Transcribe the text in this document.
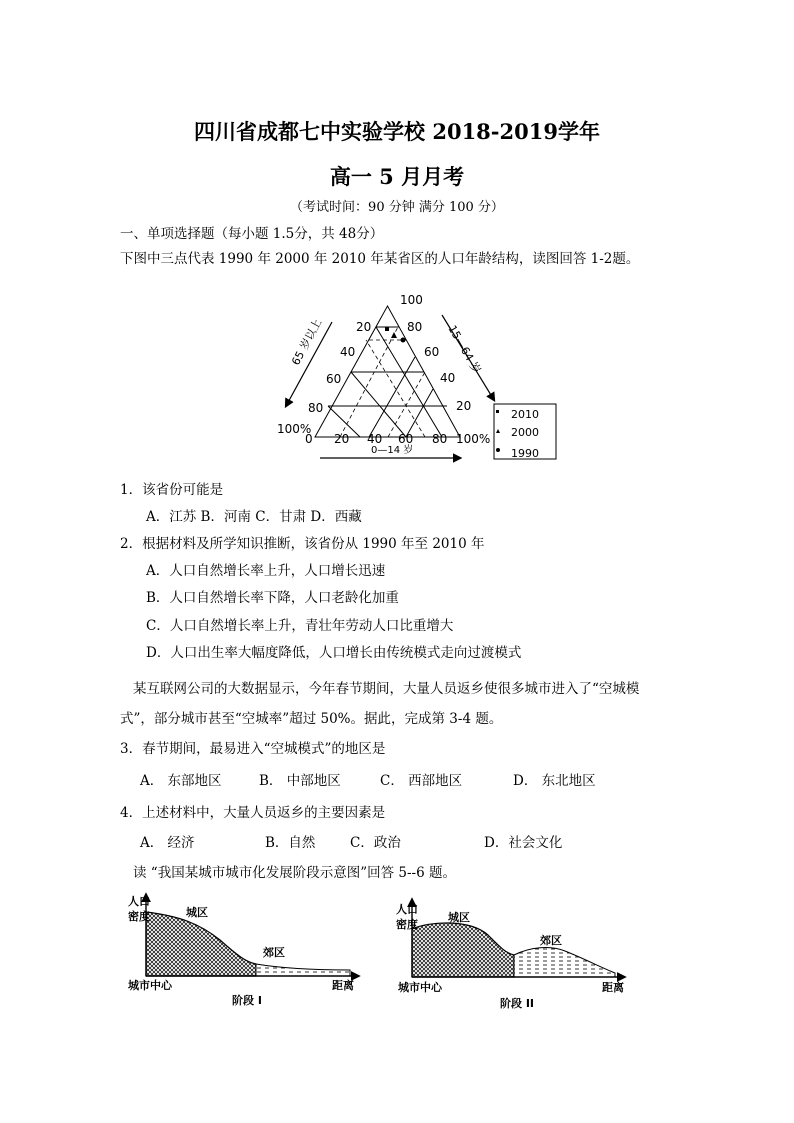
四川省成都七中实验学校 2018-2019学年
高一 5 月月考
（考试时间：90 分钟 满分 100 分）
一、单项选择题（每小题 1.5分，共 48分）
下图中三点代表 1990 年 2000 年 2010 年某省区的人口年龄结构，读图回答 1-2题。
100
20
40
60
80
100%
80
60
40
20
0 20 40 60 80 100%
65 岁以上	15—64 岁
0—14 岁
2010
2000
1990
1．该省份可能是
A．江苏 B．河南 C．甘肃 D．西藏
2．根据材料及所学知识推断，该省份从 1990 年至 2010 年
A．人口自然增长率上升，人口增长迅速
B．人口自然增长率下降，人口老龄化加重
C．人口自然增长率上升，青壮年劳动人口比重增大
D．人口出生率大幅度降低，人口增长由传统模式走向过渡模式
某互联网公司的大数据显示，今年春节期间，大量人员返乡使很多城市进入了“空城模
式”，部分城市甚至“空城率”超过 50%。据此，完成第 3-4 题。
3．春节期间，最易进入“空城模式”的地区是
A． 东部地区	B． 中部地区	C． 西部地区	D． 东北地区
4．上述材料中，大量人员返乡的主要因素是
A． 经济	B．自然	C．政治	D．社会文化
读 “我国某城市城市化发展阶段示意图”回答 5--6 题。
人口
密度	城区
郊区
城市中心	距离
阶段 I
人口
密度
城区
郊区
城市中心	距离
阶段 II
